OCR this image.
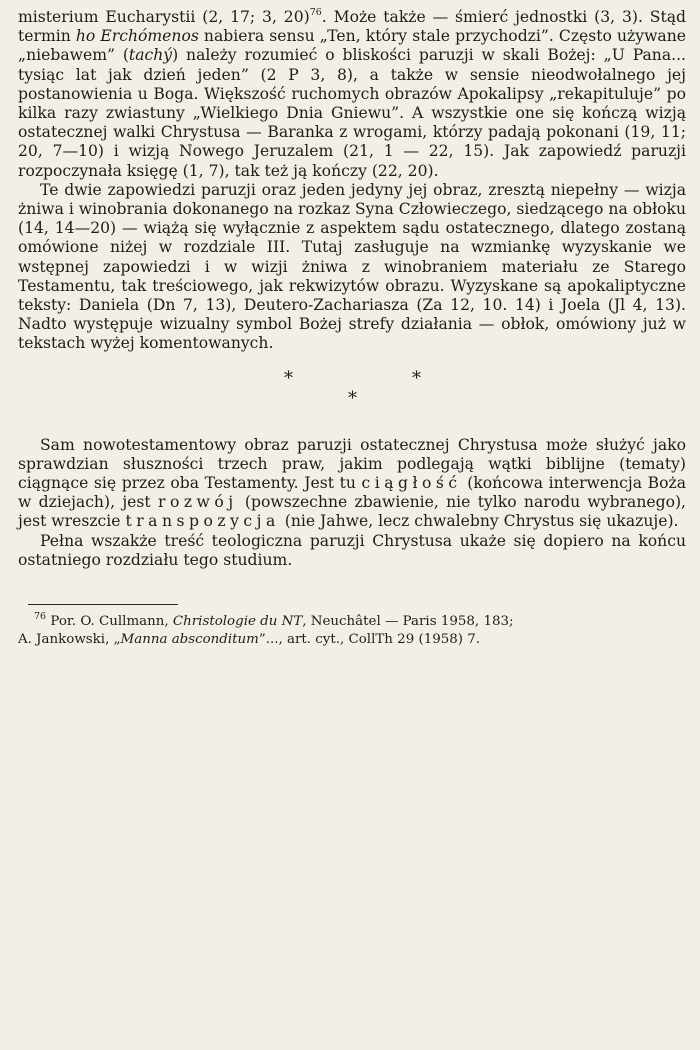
misterium Eucharystii (2, 17; 3, 20)$^{76}$. Może także — śmierć jednostki (3, 3). Stąd termin ho Erchómenos nabiera sensu „Ten, który stale przychodzi”. Często używane „niebawem” (tachý) należy rozumieć o bliskości paruzji w skali Bożej: „U Pana... tysiąc lat jak dzień jeden” (2 P 3, 8), a także w sensie nieodwołalnego jej postanowienia u Boga. Większość ruchomych obrazów Apokalipsy „rekapituluje” po kilka razy zwiastuny „Wielkiego Dnia Gniewu”. A wszystkie one się kończą wizją ostatecznej walki Chrystusa — Baranka z wrogami, którzy padają pokonani (19, 11; 20, 7—10) i wizją Nowego Jeruzalem (21, 1 — 22, 15). Jak zapowiedź paruzji rozpoczynała księgę (1, 7), tak też ją kończy (22, 20).

Te dwie zapowiedzi paruzji oraz jeden jedyny jej obraz, zresztą niepełny — wizja żniwa i winobrania dokonanego na rozkaz Syna Człowieczego, siedzącego na obłoku (14, 14—20) — wiążą się wyłącznie z aspektem sądu ostatecznego, dlatego zostaną omówione niżej w rozdziale III. Tutaj zasługuje na wzmiankę wyzyskanie we wstępnej zapowiedzi i w wizji żniwa z winobraniem materiału ze Starego Testamentu, tak treściowego, jak rekwizytów obrazu. Wyzyskane są apokaliptyczne teksty: Daniela (Dn 7, 13), Deutero-Zachariasza (Za 12, 10. 14) i Joela (Jl 4, 13). Nadto występuje wizualny symbol Bożej strefy działania — obłok, omówiony już w tekstach wyżej komentowanych.

*	*
*

Sam nowotestamentowy obraz paruzji ostatecznej Chrystusa może służyć jako sprawdzian słuszności trzech praw, jakim podlegają wątki biblijne (tematy) ciągnące się przez oba Testamenty. Jest tu ciągłość (końcowa interwencja Boża w dziejach), jest rozwój (powszechne zbawienie, nie tylko narodu wybranego), jest wreszcie transpozycja (nie Jahwe, lecz chwalebny Chrystus się ukazuje).

Pełna wszakże treść teologiczna paruzji Chrystusa ukaże się dopiero na końcu ostatniego rozdziału tego studium.

$^{76}$ Por. O. Cullmann, Christologie du NT, Neuchâtel — Paris 1958, 183;
A. Jankowski, „Manna absconditum”..., art. cyt., CollTh 29 (1958) 7.
